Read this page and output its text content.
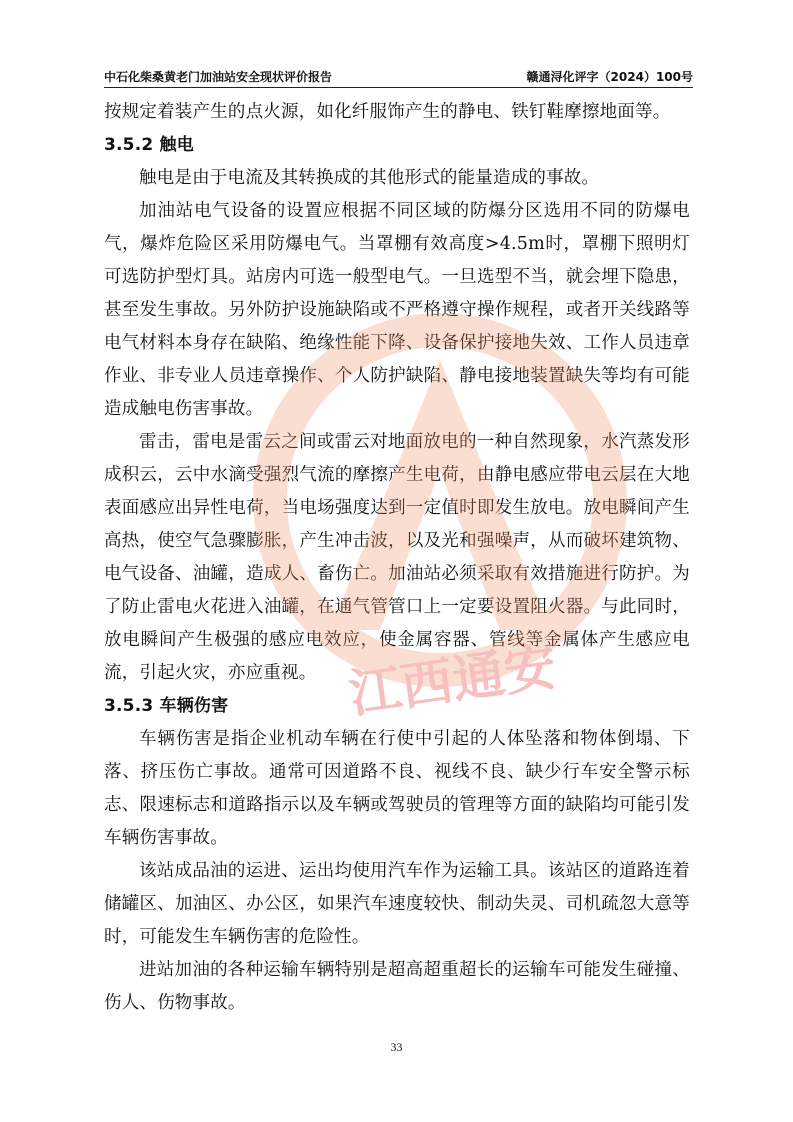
中石化柴桑黄老门加油站安全现状评价报告	赣通浔化评字（2024）100号

按规定着装产生的点火源，如化纤服饰产生的静电、铁钉鞋摩擦地面等。

3.5.2 触电

触电是由于电流及其转换成的其他形式的能量造成的事故。

加油站电气设备的设置应根据不同区域的防爆分区选用不同的防爆电气，爆炸危险区采用防爆电气。当罩棚有效高度>4.5m时，罩棚下照明灯可选防护型灯具。站房内可选一般型电气。一旦选型不当，就会埋下隐患，甚至发生事故。另外防护设施缺陷或不严格遵守操作规程，或者开关线路等电气材料本身存在缺陷、绝缘性能下降、设备保护接地失效、工作人员违章作业、非专业人员违章操作、个人防护缺陷、静电接地装置缺失等均有可能造成触电伤害事故。

雷击，雷电是雷云之间或雷云对地面放电的一种自然现象，水汽蒸发形成积云，云中水滴受强烈气流的摩擦产生电荷，由静电感应带电云层在大地表面感应出异性电荷，当电场强度达到一定值时即发生放电。放电瞬间产生高热，使空气急骤膨胀，产生冲击波，以及光和强噪声，从而破坏建筑物、电气设备、油罐，造成人、畜伤亡。加油站必须采取有效措施进行防护。为了防止雷电火花进入油罐，在通气管管口上一定要设置阻火器。与此同时，放电瞬间产生极强的感应电效应，使金属容器、管线等金属体产生感应电流，引起火灾，亦应重视。

3.5.3 车辆伤害

车辆伤害是指企业机动车辆在行使中引起的人体坠落和物体倒塌、下落、挤压伤亡事故。通常可因道路不良、视线不良、缺少行车安全警示标志、限速标志和道路指示以及车辆或驾驶员的管理等方面的缺陷均可能引发车辆伤害事故。

该站成品油的运进、运出均使用汽车作为运输工具。该站区的道路连着储罐区、加油区、办公区，如果汽车速度较快、制动失灵、司机疏忽大意等时，可能发生车辆伤害的危险性。

进站加油的各种运输车辆特别是超高超重超长的运输车可能发生碰撞、伤人、伤物事故。

江西通安
33
